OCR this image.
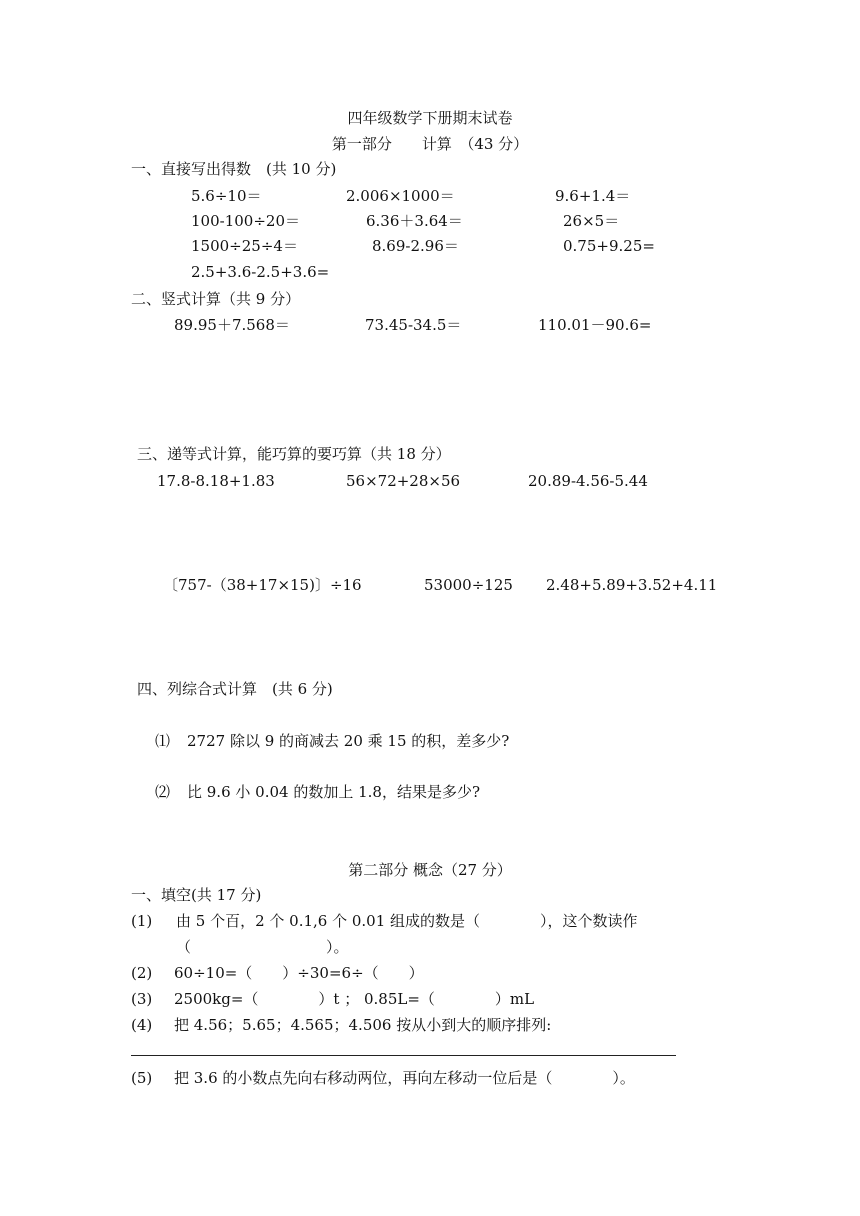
四年级数学下册期末试卷
第一部分　　计算　（43 分）
一、直接写出得数　(共 10 分)
5.6÷10＝	2.006×1000＝	9.6+1.4＝
100-100÷20＝	6.36＋3.64＝	26×5＝
1500÷25÷4＝	8.69-2.96＝	0.75+9.25=
2.5+3.6-2.5+3.6=
二、竖式计算（共 9 分）
89.95＋7.568＝	73.45-34.5＝	110.01－90.6=
三、递等式计算，能巧算的要巧算（共 18 分）
17.8-8.18+1.83	56×72+28×56	20.89-4.56-5.44
〔757-（38+17×15)〕÷16	53000÷125 2.48+5.89+3.52+4.11
四、列综合式计算　(共 6 分)
⑴ 2727 除以 9 的商减去 20 乘 15 的积，差多少?
⑵ 比 9.6 小 0.04 的数加上 1.8，结果是多少?
第二部分 概念（27 分）
一、填空(共 17 分)
(1) 由 5 个百，2 个 0.1,6 个 0.01 组成的数是（　　　　），这个数读作
（　　　　　　　　　）。
(2) 60÷10=（　　）÷30=6÷（　　）
(3) 2500kg=（　　　　）t ； 0.85L=（　　　　）mL
(4) 把 4.56；5.65；4.565；4.506 按从小到大的顺序排列:
(5) 把 3.6 的小数点先向右移动两位，再向左移动一位后是（　　　　）。
